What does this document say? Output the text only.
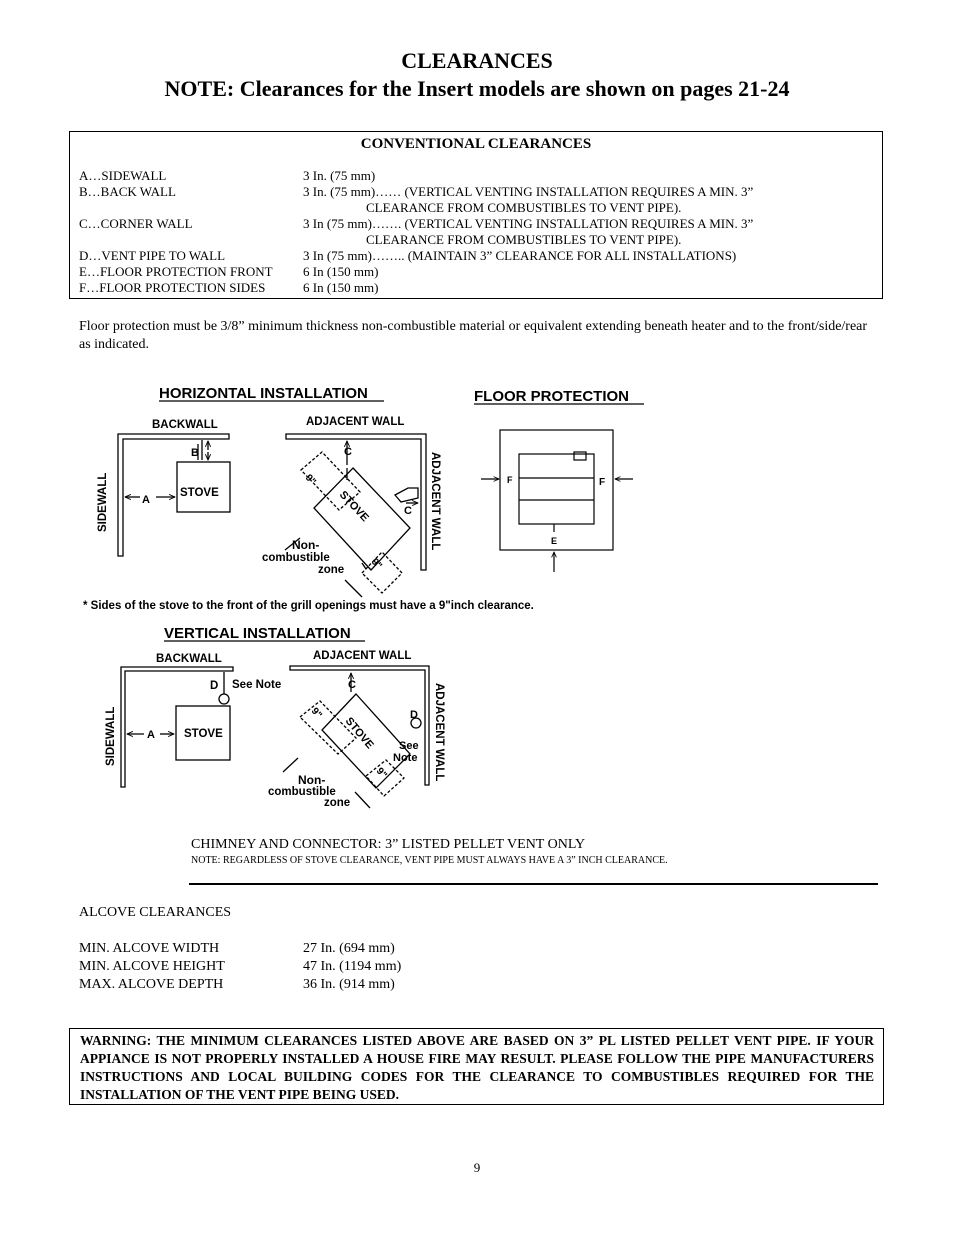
CLEARANCES
NOTE: Clearances for the Insert models are shown on pages 21-24
CONVENTIONAL CLEARANCES
A…SIDEWALL	3 In. (75 mm)
B…BACK WALL	3 In. (75 mm)…… (VERTICAL VENTING INSTALLATION REQUIRES A MIN. 3”
CLEARANCE FROM COMBUSTIBLES TO VENT PIPE).
C…CORNER WALL	3 In (75 mm)……. (VERTICAL VENTING INSTALLATION REQUIRES A MIN. 3”
CLEARANCE FROM COMBUSTIBLES TO VENT PIPE).
D…VENT PIPE TO WALL	3 In (75 mm)…….. (MAINTAIN 3” CLEARANCE FOR ALL INSTALLATIONS)
E…FLOOR PROTECTION FRONT 6 In (150 mm)
F…FLOOR PROTECTION SIDES	6 In (150 mm)
Floor protection must be 3/8” minimum thickness non-combustible material or equivalent extending beneath heater and to the front/side/rear as indicated.
HORIZONTAL INSTALLATION
BACKWALL	ADJACENT WALL
B
A
STOVE
C
C
STOVE
9"
9"
Non-
combustible
zone
SIDEWALL	ADJACENT WALL
FLOOR PROTECTION
F	F
E
* Sides of the stove to the front of the grill openings must have a 9"inch clearance.
VERTICAL INSTALLATION
BACKWALL	ADJACENT WALL
D See Note
A	STOVE
C
D
See
Note
STOVE
9"
9"
Non-
combustible
zone
SIDEWALL	ADJACENT WALL
CHIMNEY AND CONNECTOR: 3” LISTED PELLET VENT ONLY
NOTE: REGARDLESS OF STOVE CLEARANCE, VENT PIPE MUST ALWAYS HAVE A 3” INCH CLEARANCE.
ALCOVE CLEARANCES
MIN. ALCOVE WIDTH	27 In. (694 mm)
MIN. ALCOVE HEIGHT	47 In. (1194 mm)
MAX. ALCOVE DEPTH	36 In. (914 mm)
WARNING: THE MINIMUM CLEARANCES LISTED ABOVE ARE BASED ON 3” PL LISTED PELLET VENT PIPE. IF YOUR APPIANCE IS NOT PROPERLY INSTALLED A HOUSE FIRE MAY RESULT. PLEASE FOLLOW THE PIPE MANUFACTURERS INSTRUCTIONS AND LOCAL BUILDING CODES FOR THE CLEARANCE TO COMBUSTIBLES REQUIRED FOR THE INSTALLATION OF THE VENT PIPE BEING USED.
9
